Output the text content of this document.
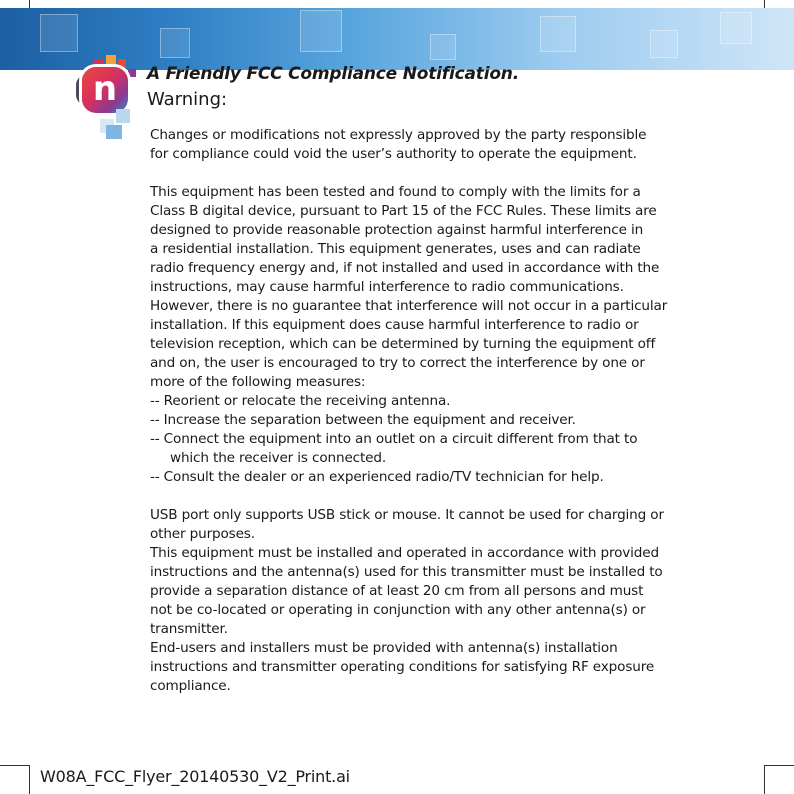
n	A Friendly FCC Compliance Notification.
Warning:
Changes or modifications not expressly approved by the party responsible
for compliance could void the user’s authority to operate the equipment.
This equipment has been tested and found to comply with the limits for a
Class B digital device, pursuant to Part 15 of the FCC Rules. These limits are
designed to provide reasonable protection against harmful interference in
a residential installation. This equipment generates, uses and can radiate
radio frequency energy and, if not installed and used in accordance with the
instructions, may cause harmful interference to radio communications.
However, there is no guarantee that interference will not occur in a particular
installation. If this equipment does cause harmful interference to radio or
television reception, which can be determined by turning the equipment off
and on, the user is encouraged to try to correct the interference by one or
more of the following measures:
-- Reorient or relocate the receiving antenna.
-- Increase the separation between the equipment and receiver.
-- Connect the equipment into an outlet on a circuit different from that to
which the receiver is connected.
-- Consult the dealer or an experienced radio/TV technician for help.
USB port only supports USB stick or mouse. It cannot be used for charging or
other purposes.
This equipment must be installed and operated in accordance with provided
instructions and the antenna(s) used for this transmitter must be installed to
provide a separation distance of at least 20 cm from all persons and must
not be co-located or operating in conjunction with any other antenna(s) or
transmitter.
End-users and installers must be provided with antenna(s) installation
instructions and transmitter operating conditions for satisfying RF exposure
compliance.
W08A_FCC_Flyer_20140530_V2_Print.ai
